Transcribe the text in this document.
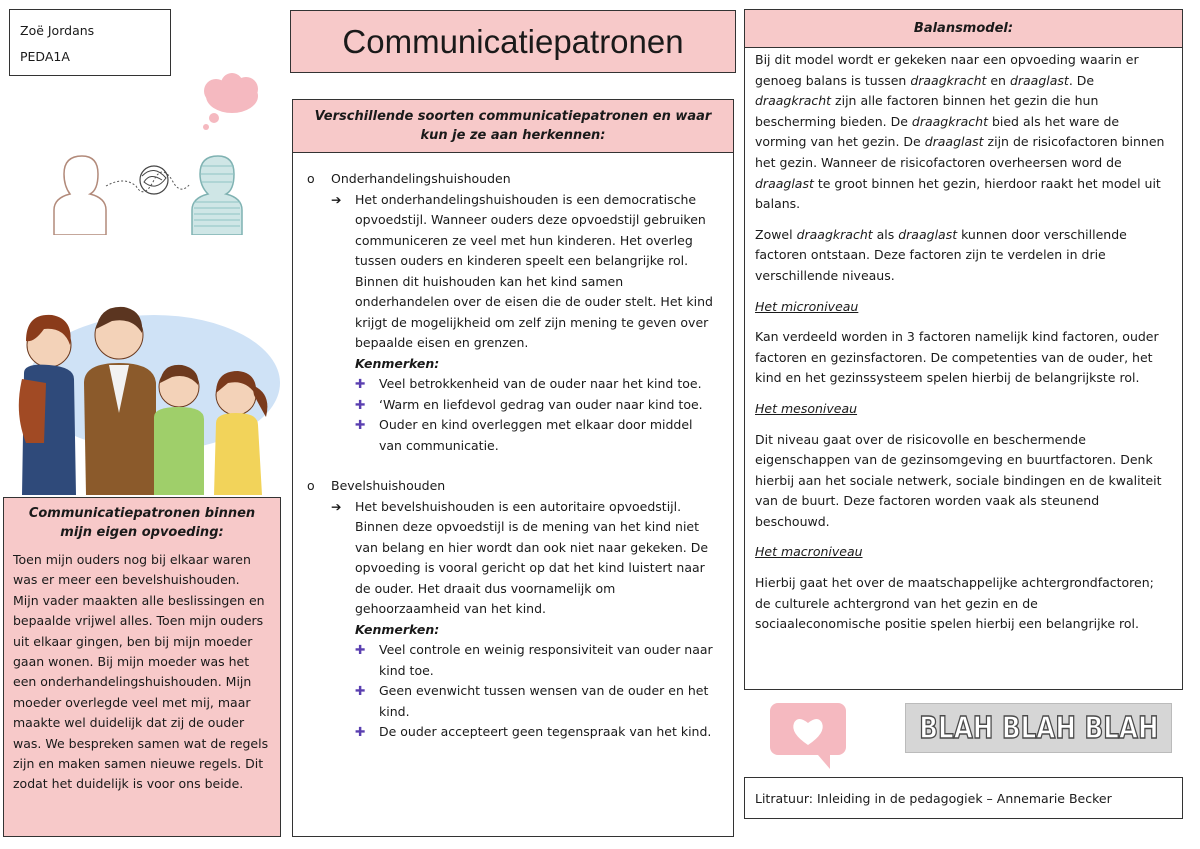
Zoë Jordans
PEDA1A	Communicatiepatronen
Communicatiepatronen binnen mijn eigen opvoeding:
Toen mijn ouders nog bij elkaar waren
was er meer een bevelshuishouden.
Mijn vader maakten alle beslissingen en
bepaalde vrijwel alles. Toen mijn ouders
uit elkaar gingen, ben bij mijn moeder
gaan wonen. Bij mijn moeder was het
een onderhandelingshuishouden. Mijn
moeder overlegde veel met mij, maar
maakte wel duidelijk dat zij de ouder
was. We bespreken samen wat de regels
zijn en maken samen nieuwe regels. Dit
zodat het duidelijk is voor ons beide.
Verschillende soorten communicatiepatronen en waar kun je ze aan herkennen:
o	Onderhandelingshuishouden
➔	Het onderhandelingshuishouden is een democratische
opvoedstijl. Wanneer ouders deze opvoedstijl gebruiken
communiceren ze veel met hun kinderen. Het overleg
tussen ouders en kinderen speelt een belangrijke rol.
Binnen dit huishouden kan het kind samen
onderhandelen over de eisen die de ouder stelt. Het kind
krijgt de mogelijkheid om zelf zijn mening te geven over
bepaalde eisen en grenzen.
Kenmerken:
✚	Veel betrokkenheid van de ouder naar het kind toe.
✚	‘Warm en liefdevol gedrag van ouder naar kind toe.
✚	Ouder en kind overleggen met elkaar door middel
van communicatie.
o	Bevelshuishouden
➔	Het bevelshuishouden is een autoritaire opvoedstijl.
Binnen deze opvoedstijl is de mening van het kind niet
van belang en hier wordt dan ook niet naar gekeken. De
opvoeding is vooral gericht op dat het kind luistert naar
de ouder. Het draait dus voornamelijk om
gehoorzaamheid van het kind.
Kenmerken:
✚	Veel controle en weinig responsiviteit van ouder naar
kind toe.
✚	Geen evenwicht tussen wensen van de ouder en het
kind.
✚	De ouder accepteert geen tegenspraak van het kind.
Balansmodel:

Bij dit model wordt er gekeken naar een opvoeding waarin er
genoeg balans is tussen draagkracht en draaglast. De
draagkracht zijn alle factoren binnen het gezin die hun
bescherming bieden. De draagkracht bied als het ware de
vorming van het gezin. De draaglast zijn de risicofactoren binnen
het gezin. Wanneer de risicofactoren overheersen word de
draaglast te groot binnen het gezin, hierdoor raakt het model uit
balans.

Zowel draagkracht als draaglast kunnen door verschillende
factoren ontstaan. Deze factoren zijn te verdelen in drie
verschillende niveaus.

Het microniveau

Kan verdeeld worden in 3 factoren namelijk kind factoren, ouder
factoren en gezinsfactoren. De competenties van de ouder, het
kind en het gezinssysteem spelen hierbij de belangrijkste rol.

Het mesoniveau

Dit niveau gaat over de risicovolle en beschermende
eigenschappen van de gezinsomgeving en buurtfactoren. Denk
hierbij aan het sociale netwerk, sociale bindingen en de kwaliteit
van de buurt. Deze factoren worden vaak als steunend
beschouwd.

Het macroniveau

Hierbij gaat het over de maatschappelijke achtergrondfactoren;
de culturele achtergrond van het gezin en de
sociaaleconomische positie spelen hierbij een belangrijke rol.

BLAH BLAH BLAH
Litratuur: Inleiding in de pedagogiek – Annemarie Becker
